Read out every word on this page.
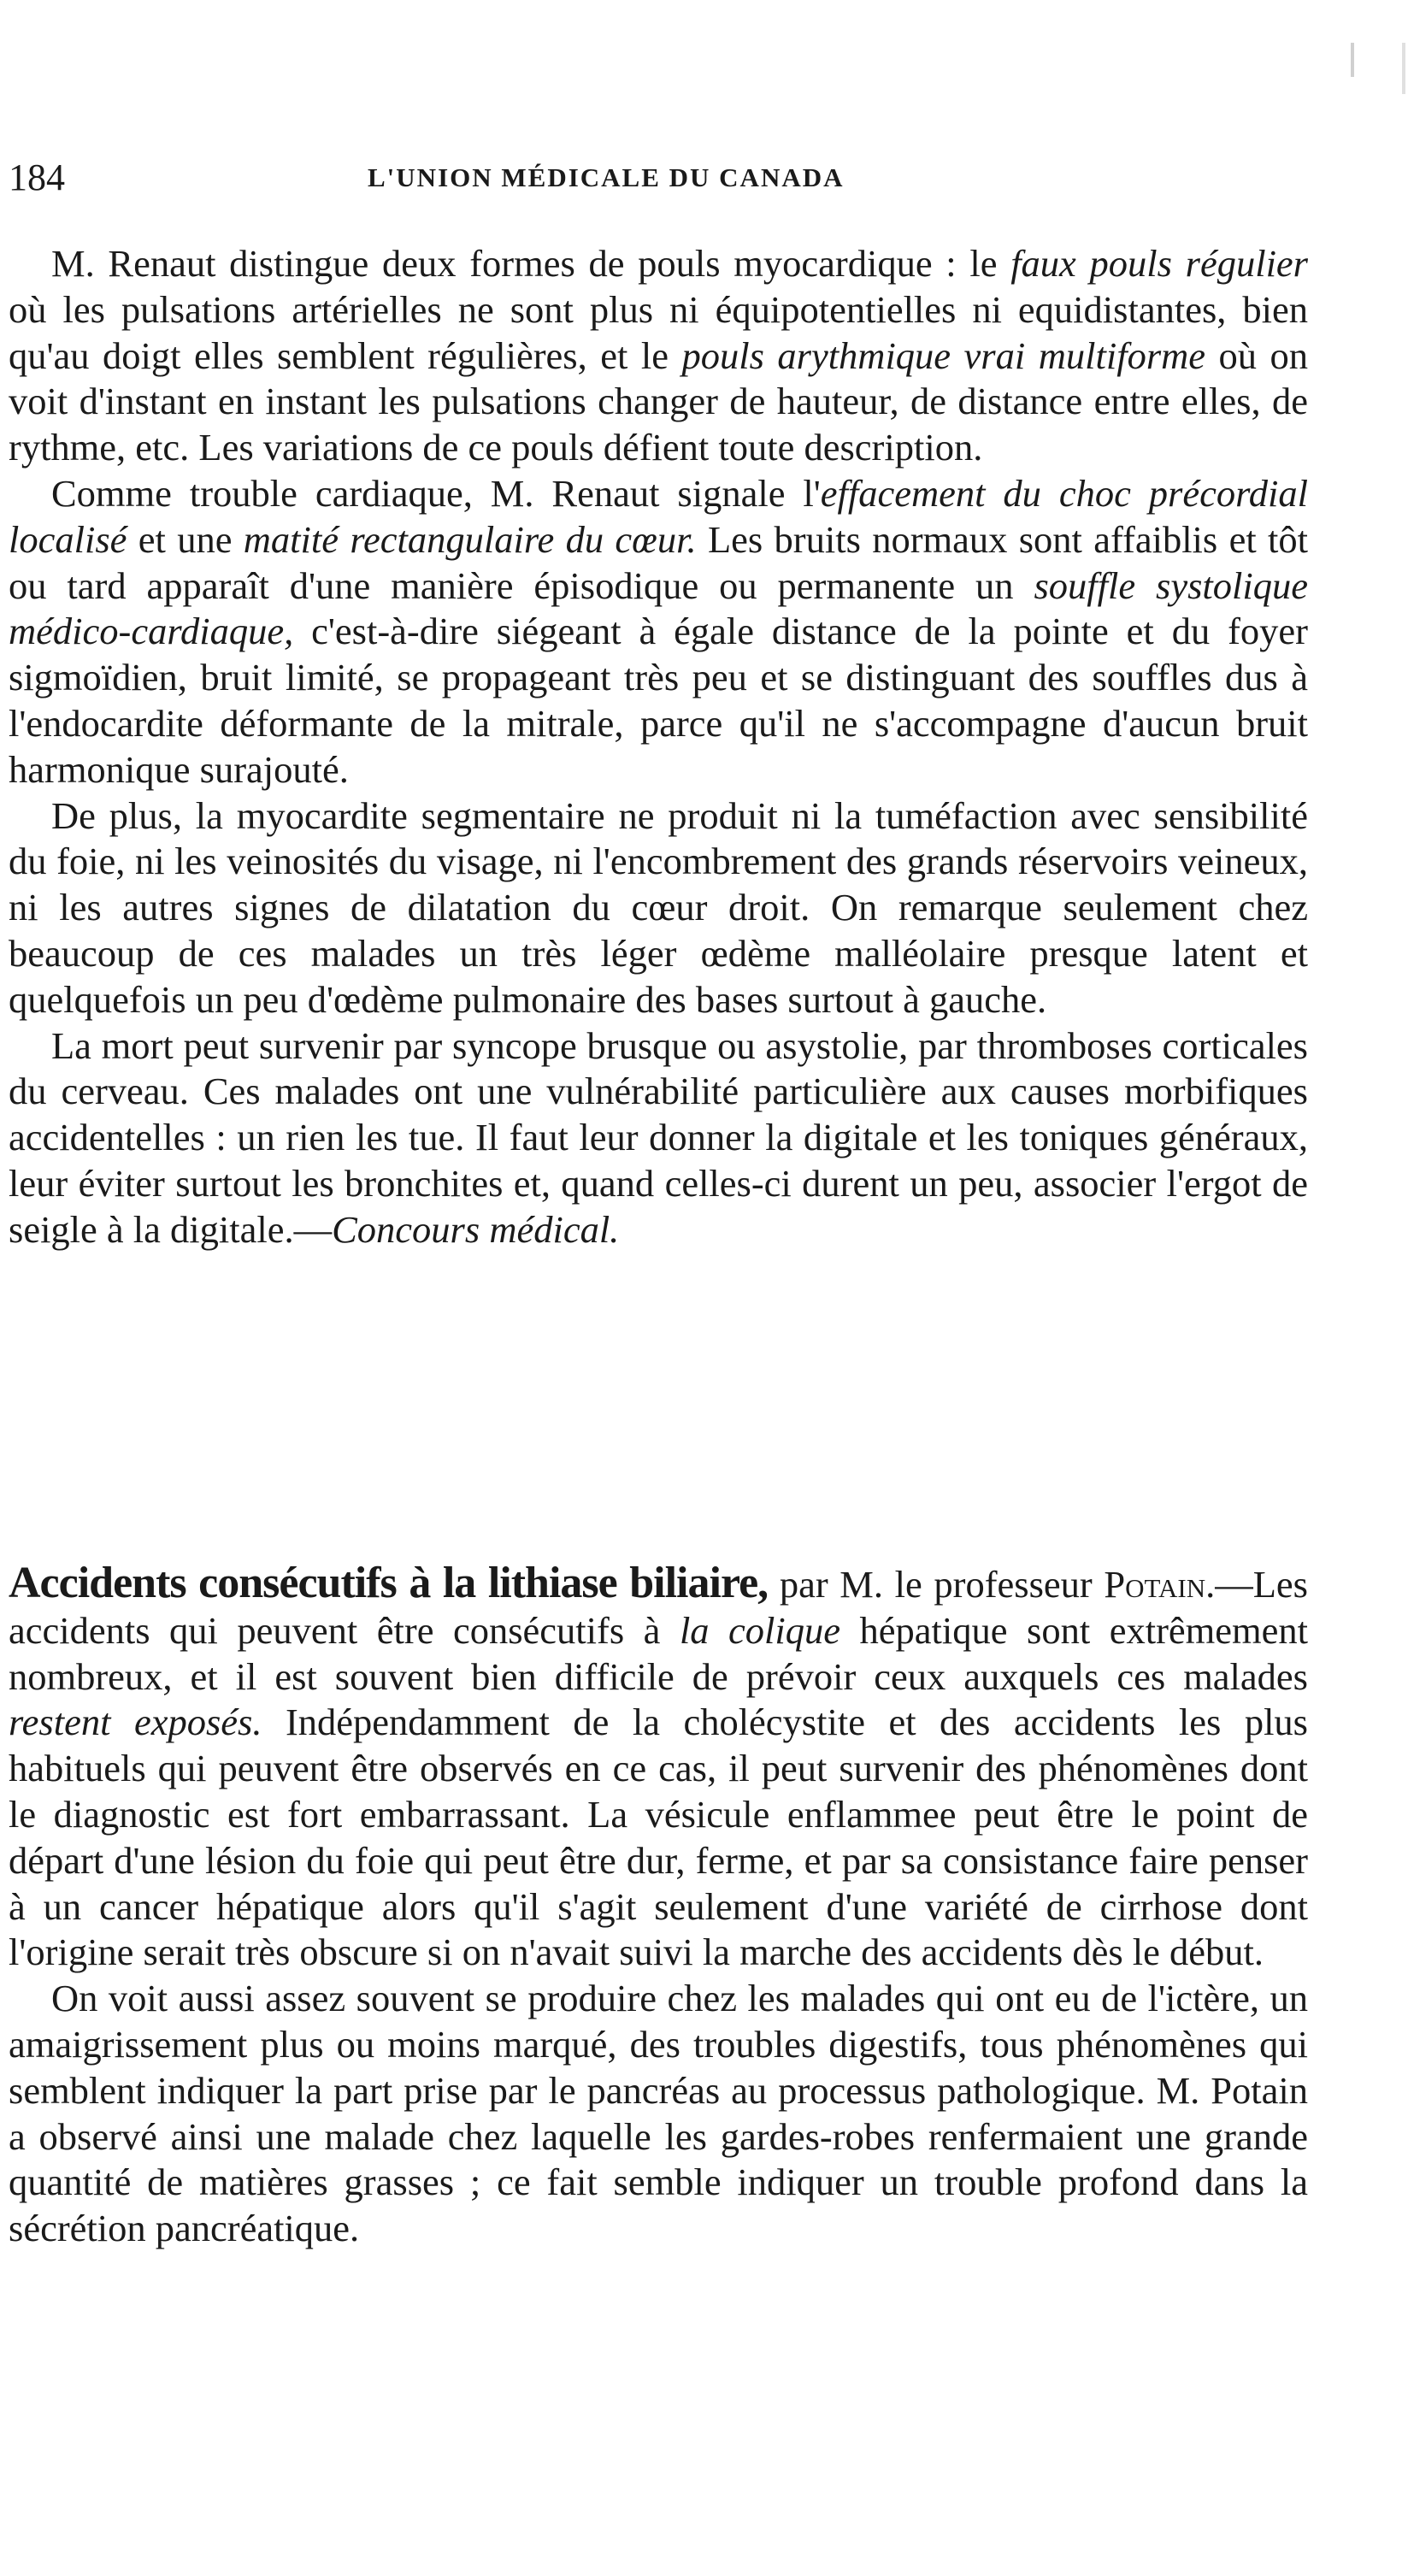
184	L'UNION MÉDICALE DU CANADA

M. Renaut distingue deux formes de pouls myocardique : le faux pouls régulier où les pulsations artérielles ne sont plus ni équipotentielles ni equidistantes, bien qu'au doigt elles semblent régulières, et le pouls arythmique vrai multiforme où on voit d'instant en instant les pulsations changer de hauteur, de distance entre elles, de rythme, etc. Les variations de ce pouls défient toute description.

Comme trouble cardiaque, M. Renaut signale l'effacement du choc précordial localisé et une matité rectangulaire du cœur. Les bruits normaux sont affaiblis et tôt ou tard apparaît d'une manière épisodique ou permanente un souffle systolique médico-cardiaque, c'est-à-dire siégeant à égale distance de la pointe et du foyer sigmoïdien, bruit limité, se propageant très peu et se distinguant des souffles dus à l'endocardite déformante de la mitrale, parce qu'il ne s'accompagne d'aucun bruit harmonique surajouté.

De plus, la myocardite segmentaire ne produit ni la tuméfaction avec sensibilité du foie, ni les veinosités du visage, ni l'encombrement des grands réservoirs veineux, ni les autres signes de dilatation du cœur droit. On remarque seulement chez beaucoup de ces malades un très léger œdème malléolaire presque latent et quelquefois un peu d'œdème pulmonaire des bases surtout à gauche.

La mort peut survenir par syncope brusque ou asystolie, par thromboses corticales du cerveau. Ces malades ont une vulnérabilité particulière aux causes morbifiques accidentelles : un rien les tue. Il faut leur donner la digitale et les toniques généraux, leur éviter surtout les bronchites et, quand celles-ci durent un peu, associer l'ergot de seigle à la digitale.—Concours médical.

Accidents consécutifs à la lithiase biliaire, par M. le professeur Potain.—Les accidents qui peuvent être consécutifs à la colique hépatique sont extrêmement nombreux, et il est souvent bien difficile de prévoir ceux auxquels ces malades restent exposés. Indépendamment de la cholécystite et des accidents les plus habituels qui peuvent être observés en ce cas, il peut survenir des phénomènes dont le diagnostic est fort embarrassant. La vésicule enflammee peut être le point de départ d'une lésion du foie qui peut être dur, ferme, et par sa consistance faire penser à un cancer hépatique alors qu'il s'agit seulement d'une variété de cirrhose dont l'origine serait très obscure si on n'avait suivi la marche des accidents dès le début.

On voit aussi assez souvent se produire chez les malades qui ont eu de l'ictère, un amaigrissement plus ou moins marqué, des troubles digestifs, tous phénomènes qui semblent indiquer la part prise par le pancréas au processus pathologique. M. Potain a observé ainsi une malade chez laquelle les gardes-robes renfermaient une grande quantité de matières grasses ; ce fait semble indiquer un trouble profond dans la sécrétion pancréatique.
